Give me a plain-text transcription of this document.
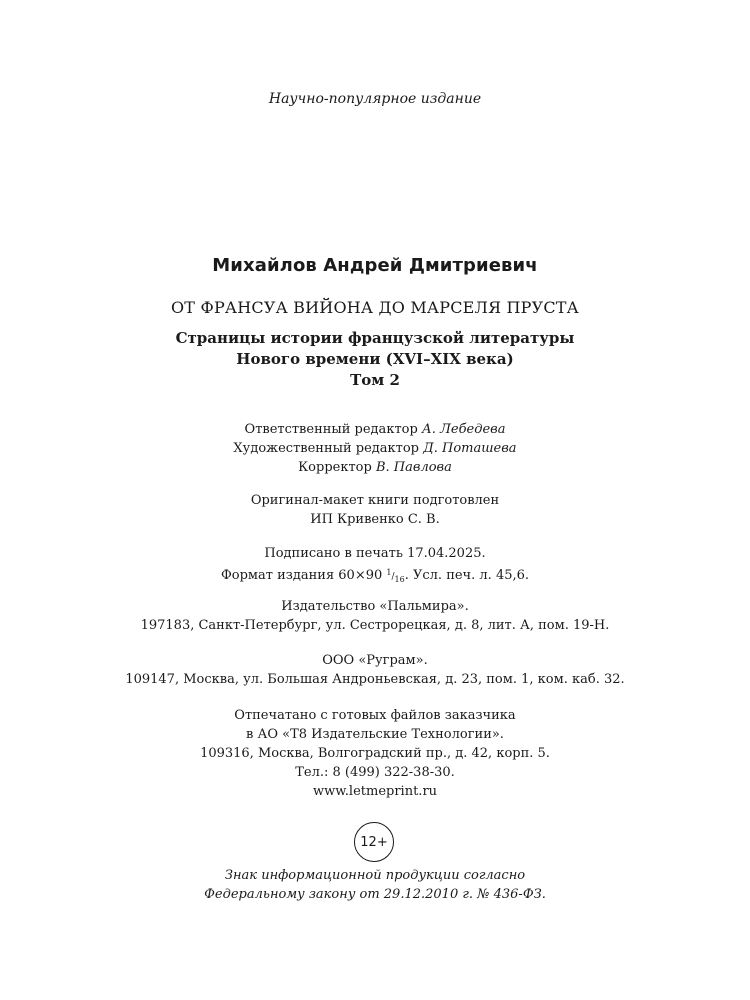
Научно-популярное издание
Михайлов Андрей Дмитриевич
ОТ ФРАНСУА ВИЙОНА ДО МАРСЕЛЯ ПРУСТА
Страницы истории французской литературы
Нового времени (XVI–XIX века)
Том 2
Ответственный редактор А. Лебедева
Художественный редактор Д. Поташева
Корректор В. Павлова
Оригинал-макет книги подготовлен
ИП Кривенко С. В.
Подписано в печать 17.04.2025.
Формат издания 60×90 $^1/_{16}$. Усл. печ. л. 45,6.
Издательство «Пальмира».
197183, Санкт-Петербург, ул. Сестрорецкая, д. 8, лит. А, пом. 19-Н.
ООО «Руграм».
109147, Москва, ул. Большая Андроньевская, д. 23, пом. 1, ком. каб. 32.
Отпечатано с готовых файлов заказчика
в АО «Т8 Издательские Технологии».
109316, Москва, Волгоградский пр., д. 42, корп. 5.
Тел.: 8 (499) 322-38-30.
www.letmeprint.ru
12+
Знак информационной продукции согласно
Федеральному закону от 29.12.2010 г. № 436-ФЗ.
